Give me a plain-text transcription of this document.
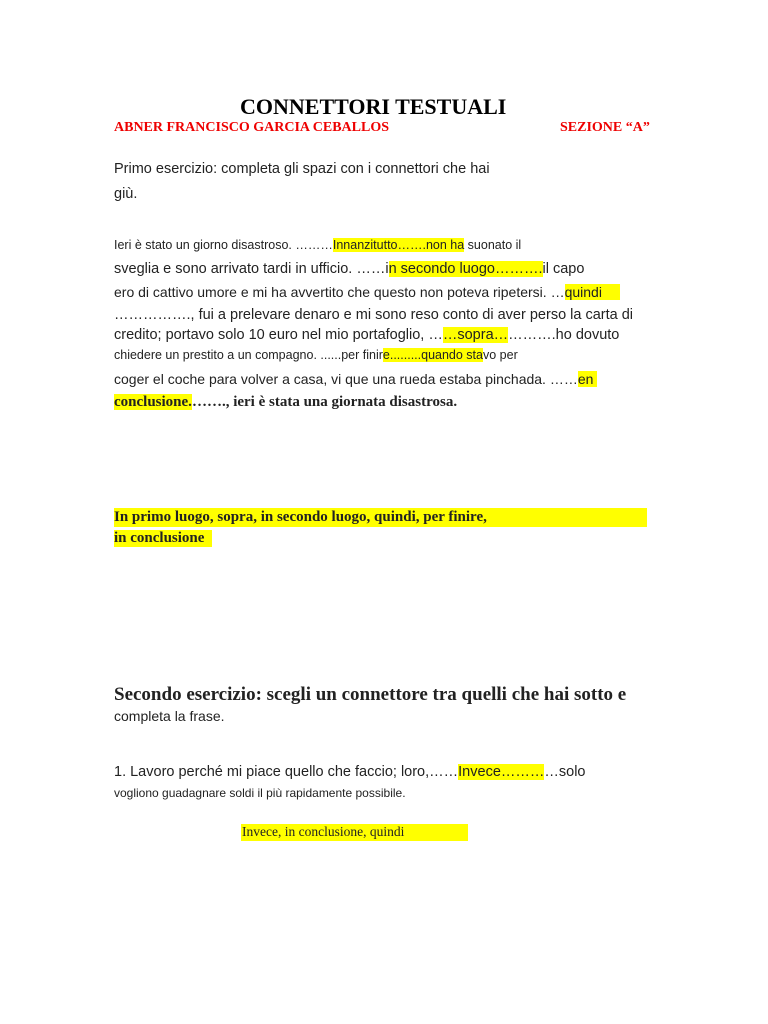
CONNETTORI TESTUALI
ABNER FRANCISCO GARCIA CEBALLOS	SEZIONE “A”
Primo esercizio: completa gli spazi con i connettori che hai
giù.
Ieri è stato un giorno disastroso. ………Innanzitutto…….non ha suonato il
sveglia e sono arrivato tardi in ufficio. ……in secondo luogo……….il capo
ero di cattivo umore e mi ha avvertito che questo non poteva ripetersi. …quindi
……………., fui a prelevare denaro e mi sono reso conto di aver perso la carta di
credito; portavo solo 10 euro nel mio portafoglio, ……sopra………….ho dovuto
chiedere un prestito a un compagno. ......per finire.........quando stavo per
coger el coche para volver a casa, vi que una rueda estaba pinchada. ……en
conclusione.……., ieri è stata una giornata disastrosa.
In primo luogo, sopra, in secondo luogo, quindi, per finire,
in conclusione
Secondo esercizio: scegli un connettore tra quelli che hai sotto e
completa la frase.
1. Lavoro perché mi piace quello che faccio; loro,……Invece…………solo
vogliono guadagnare soldi il più rapidamente possibile.
Invece, in conclusione, quindi
